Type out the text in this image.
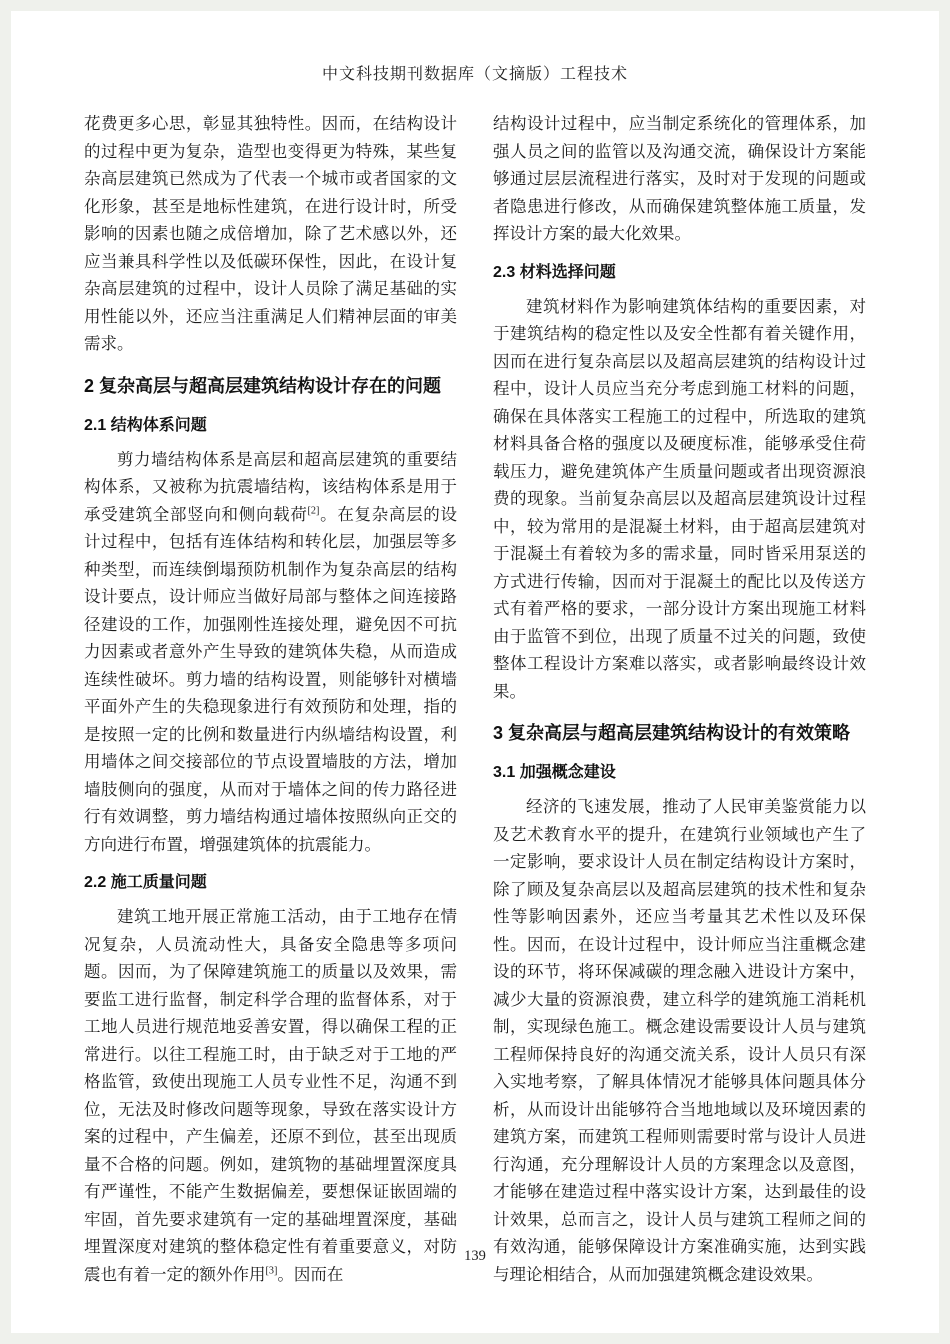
中文科技期刊数据库（文摘版）工程技术

花费更多心思，彰显其独特性。因而，在结构设计的过程中更为复杂，造型也变得更为特殊，某些复杂高层建筑已然成为了代表一个城市或者国家的文化形象，甚至是地标性建筑，在进行设计时，所受影响的因素也随之成倍增加，除了艺术感以外，还应当兼具科学性以及低碳环保性，因此，在设计复杂高层建筑的过程中，设计人员除了满足基础的实用性能以外，还应当注重满足人们精神层面的审美需求。

2 复杂高层与超高层建筑结构设计存在的问题
2.1 结构体系问题

剪力墙结构体系是高层和超高层建筑的重要结构体系，又被称为抗震墙结构，该结构体系是用于承受建筑全部竖向和侧向载荷[2]。在复杂高层的设计过程中，包括有连体结构和转化层，加强层等多种类型，而连续倒塌预防机制作为复杂高层的结构设计要点，设计师应当做好局部与整体之间连接路径建设的工作，加强刚性连接处理，避免因不可抗力因素或者意外产生导致的建筑体失稳，从而造成连续性破坏。剪力墙的结构设置，则能够针对横墙平面外产生的失稳现象进行有效预防和处理，指的是按照一定的比例和数量进行内纵墙结构设置，利用墙体之间交接部位的节点设置墙肢的方法，增加墙肢侧向的强度，从而对于墙体之间的传力路径进行有效调整，剪力墙结构通过墙体按照纵向正交的方向进行布置，增强建筑体的抗震能力。

2.2 施工质量问题

建筑工地开展正常施工活动，由于工地存在情况复杂，人员流动性大，具备安全隐患等多项问题。因而，为了保障建筑施工的质量以及效果，需要监工进行监督，制定科学合理的监督体系，对于工地人员进行规范地妥善安置，得以确保工程的正常进行。以往工程施工时，由于缺乏对于工地的严格监管，致使出现施工人员专业性不足，沟通不到位，无法及时修改问题等现象，导致在落实设计方案的过程中，产生偏差，还原不到位，甚至出现质量不合格的问题。例如，建筑物的基础埋置深度具有严谨性，不能产生数据偏差，要想保证嵌固端的牢固，首先要求建筑有一定的基础埋置深度，基础埋置深度对建筑的整体稳定性有着重要意义，对防震也有着一定的额外作用[3]。因而在

结构设计过程中，应当制定系统化的管理体系，加强人员之间的监管以及沟通交流，确保设计方案能够通过层层流程进行落实，及时对于发现的问题或者隐患进行修改，从而确保建筑整体施工质量，发挥设计方案的最大化效果。

2.3 材料选择问题

建筑材料作为影响建筑体结构的重要因素，对于建筑结构的稳定性以及安全性都有着关键作用，因而在进行复杂高层以及超高层建筑的结构设计过程中，设计人员应当充分考虑到施工材料的问题，确保在具体落实工程施工的过程中，所选取的建筑材料具备合格的强度以及硬度标准，能够承受住荷载压力，避免建筑体产生质量问题或者出现资源浪费的现象。当前复杂高层以及超高层建筑设计过程中，较为常用的是混凝土材料，由于超高层建筑对于混凝土有着较为多的需求量，同时皆采用泵送的方式进行传输，因而对于混凝土的配比以及传送方式有着严格的要求，一部分设计方案出现施工材料由于监管不到位，出现了质量不过关的问题，致使整体工程设计方案难以落实，或者影响最终设计效果。

3 复杂高层与超高层建筑结构设计的有效策略
3.1 加强概念建设

经济的飞速发展，推动了人民审美鉴赏能力以及艺术教育水平的提升，在建筑行业领域也产生了一定影响，要求设计人员在制定结构设计方案时，除了顾及复杂高层以及超高层建筑的技术性和复杂性等影响因素外，还应当考量其艺术性以及环保性。因而，在设计过程中，设计师应当注重概念建设的环节，将环保减碳的理念融入进设计方案中，减少大量的资源浪费，建立科学的建筑施工消耗机制，实现绿色施工。概念建设需要设计人员与建筑工程师保持良好的沟通交流关系，设计人员只有深入实地考察，了解具体情况才能够具体问题具体分析，从而设计出能够符合当地地域以及环境因素的建筑方案，而建筑工程师则需要时常与设计人员进行沟通，充分理解设计人员的方案理念以及意图，才能够在建造过程中落实设计方案，达到最佳的设计效果，总而言之，设计人员与建筑工程师之间的有效沟通，能够保障设计方案准确实施，达到实践与理论相结合，从而加强建筑概念建设效果。

139
